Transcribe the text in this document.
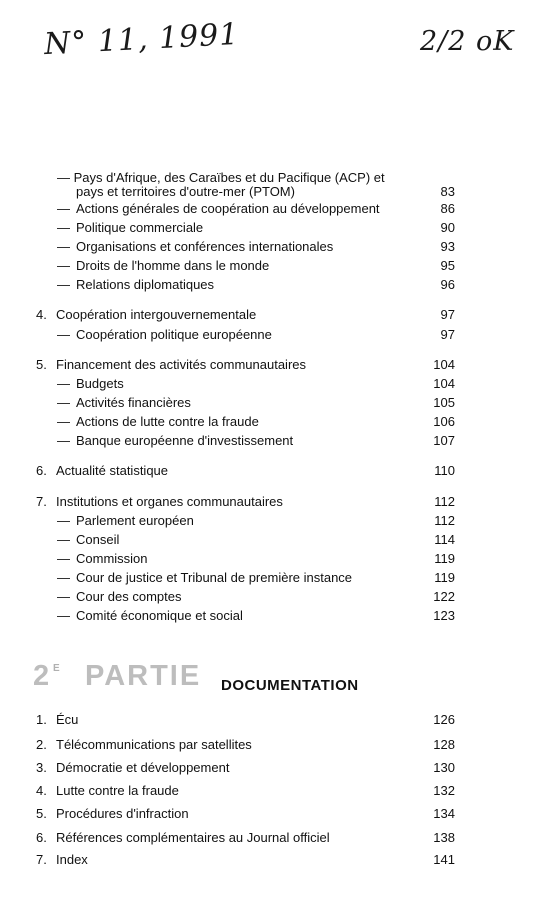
N° 11, 1991	2/2 oK
— Pays d'Afrique, des Caraïbes et du Pacifique (ACP) et
pays et territoires d'outre-mer (PTOM)	83
— Actions générales de coopération au développement	86
— Politique commerciale	90
— Organisations et conférences internationales	93
— Droits de l'homme dans le monde	95
— Relations diplomatiques	96
4. Coopération intergouvernementale	97
— Coopération politique européenne	97
5. Financement des activités communautaires	104
— Budgets	104
— Activités financières	105
— Actions de lutte contre la fraude	106
— Banque européenne d'investissement	107
6. Actualité statistique	110
7. Institutions et organes communautaires	112
— Parlement européen	112
— Conseil	114
— Commission	119
— Cour de justice et Tribunal de première instance	119
— Cour des comptes	122
— Comité économique et social	123
2 E PARTIE DOCUMENTATION
1. Écu	126
2. Télécommunications par satellites	128
3. Démocratie et développement	130
4. Lutte contre la fraude	132
5. Procédures d'infraction	134
6. Références complémentaires au Journal officiel	138
7. Index	141
